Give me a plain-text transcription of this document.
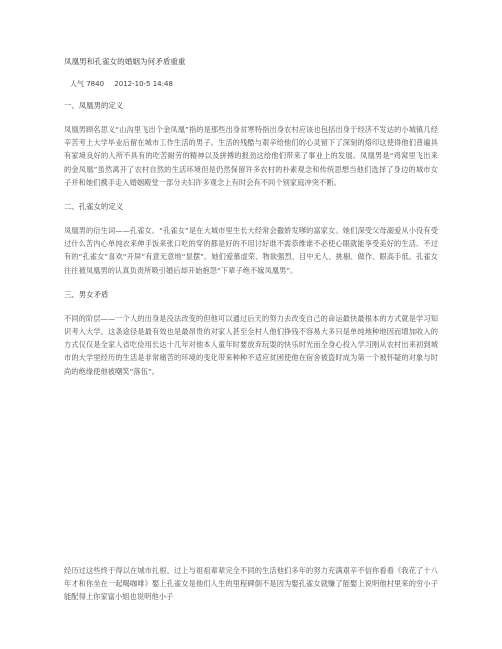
凤凰男和孔雀女的婚姻为何矛盾重重
人气 7840 2012-10-5 14:48
一、凤凰男的定义

凤凰男顾名思义“山沟里飞出个金凤凰”指的是那些出身贫寒特指出身农村应该也包括出身于经济不发达的小城镇几经辛苦考上大学毕业后留在城市工作生活的男子。生活的残酷与艰辛给他们的心灵留下了深刻的烙印这使得他们普遍具有家境良好的人所不具有的吃苦耐劳的精神以及拼搏的报劲这给他们带来了事业上的发展。凤凰男是“鸡窝里飞出来的金凤凰”虽然离开了农村自然的生活环境但是仍然保留许多农村的朴素观念和传统思想当他们选择了身边的城市女子并和她们携手走入婚姻殿堂一部分夫妇许多观念上有时会有不同个别家庭冲突不断。

二、孔雀女的定义

凤凰男的衍生词——孔雀女。“孔雀女”是在大城市里生长大经常会撒娇发嗲的富家女。她们深受父母溺爱从小没有受过什么苦内心单纯衣来伸手饭来张口吃的穿的都是好的不用讨好谁不需恭维谁不必使心眼就能享受美好的生活。不过有的“孔雀女”喜欢“开屏”有意无意地“显摆”。她们爱慕虚荣、物欲强烈、目中无人、挑剔、做作、眼高手低。孔雀女往往被凤凰男的认真负责所吸引婚后却开始抱怨“下辈子绝不嫁凤凰男”。

三、男女矛盾

不同的阶层——一个人的出身是没法改变的但他可以通过后天的努力去改变自己的命运最快最根本的方式就是学习知识考入大学。这条途径是最有效也是最昂贵的对家人甚至全村人他们挣钱不容易大多只是单纯地种地因而增加收入的方式仅仅是全家人省吃俭用长达十几年对他本人童年时要放弃玩耍的快乐时光而全身心投入学习刚从农村出来初到城市的大学里经历的生活是非常痛苦的环境的变化带来种种不适应贫困使他在宿舍被盗时成为第一个被怀疑的对象与时尚的绝缘使他被嘲笑“落伍”。

经历过这些终于得以在城市扎根、过上与祖祖辈辈完全不同的生活他们多年的努力充满艰辛不信你看看《我花了十八年才和你坐在一起喝咖啡》娶上孔雀女是他们人生的里程碑倒不是因为娶孔雀女就赚了能娶上说明他村里来的穷小子能配得上你家富小姐也说明他小子
